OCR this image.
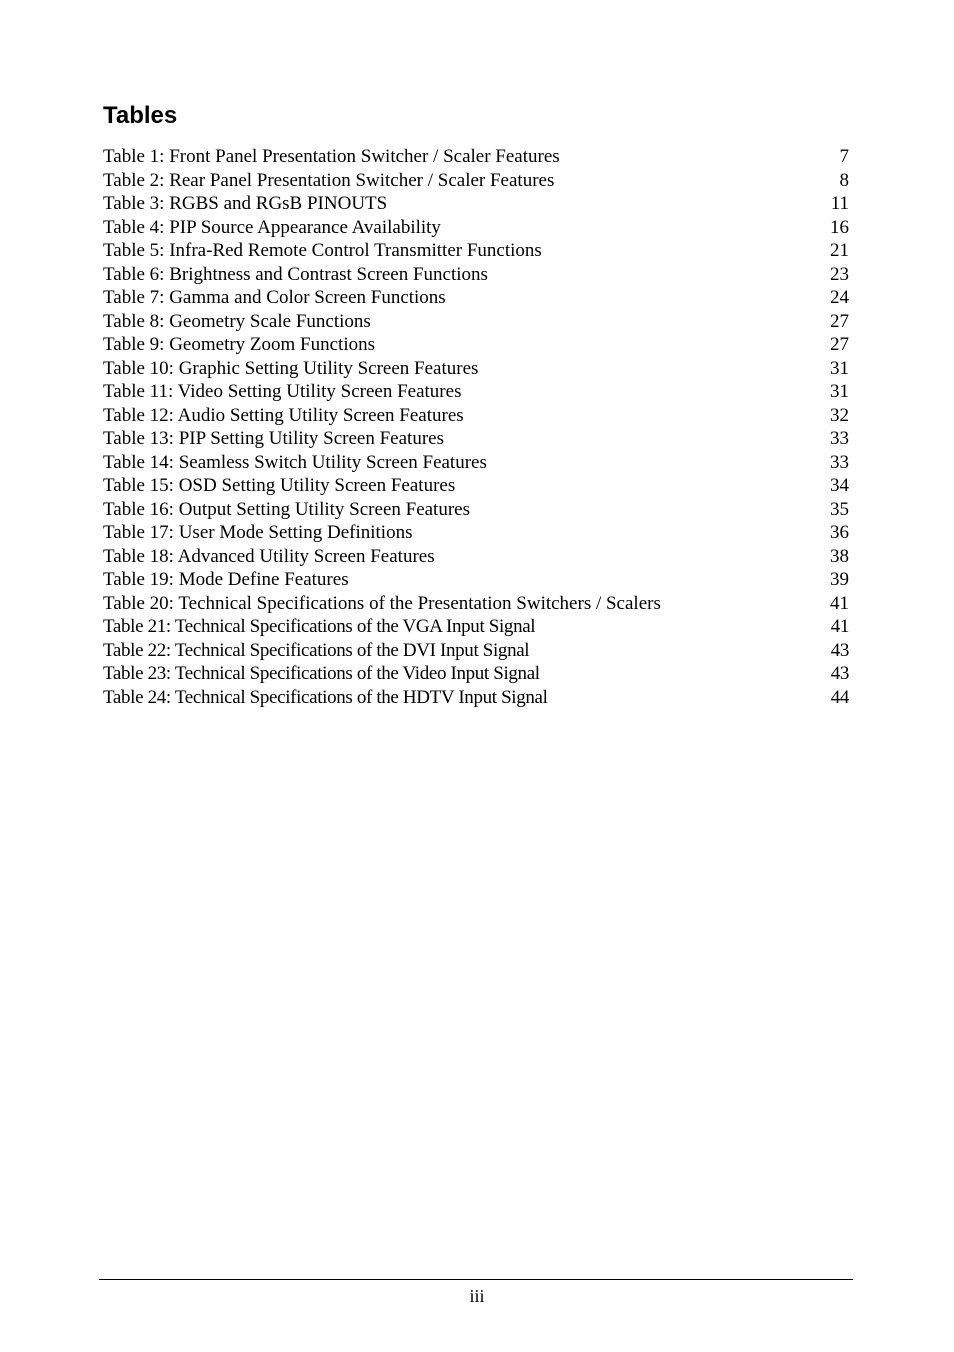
Tables
Table 1: Front Panel Presentation Switcher / Scaler Features	7
Table 2: Rear Panel Presentation Switcher / Scaler Features	8
Table 3: RGBS and RGsB PINOUTS	11
Table 4: PIP Source Appearance Availability	16
Table 5: Infra-Red Remote Control Transmitter Functions	21
Table 6: Brightness and Contrast Screen Functions	23
Table 7: Gamma and Color Screen Functions	24
Table 8: Geometry Scale Functions	27
Table 9: Geometry Zoom Functions	27
Table 10: Graphic Setting Utility Screen Features	31
Table 11: Video Setting Utility Screen Features	31
Table 12: Audio Setting Utility Screen Features	32
Table 13: PIP Setting Utility Screen Features	33
Table 14: Seamless Switch Utility Screen Features	33
Table 15: OSD Setting Utility Screen Features	34
Table 16: Output Setting Utility Screen Features	35
Table 17: User Mode Setting Definitions	36
Table 18: Advanced Utility Screen Features	38
Table 19: Mode Define Features	39
Table 20: Technical Specifications of the Presentation Switchers / Scalers	41
Table 21: Technical Specifications of the VGA Input Signal	41
Table 22: Technical Specifications of the DVI Input Signal	43
Table 23: Technical Specifications of the Video Input Signal	43
Table 24: Technical Specifications of the HDTV Input Signal	44
iii
